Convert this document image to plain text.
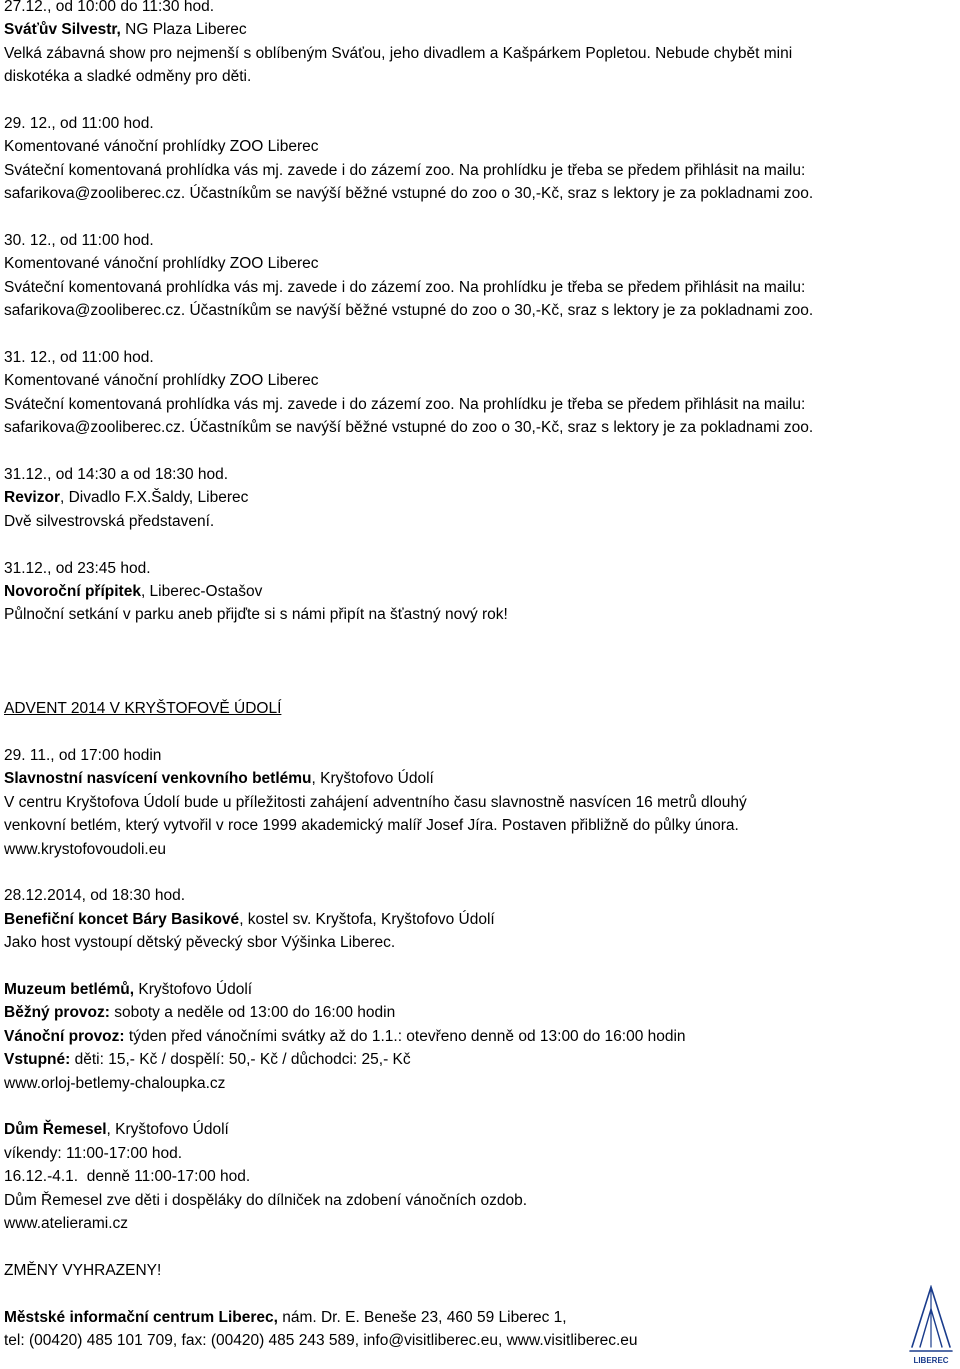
27.12., od 10:00 do 11:30 hod.
Sváťův Silvestr, NG Plaza Liberec
Velká zábavná show pro nejmenší s oblíbeným Sváťou, jeho divadlem a Kašpárkem Popletou. Nebude chybět mini
diskotéka a sladké odměny pro děti.
29. 12., od 11:00 hod.
Komentované vánoční prohlídky ZOO Liberec
Sváteční komentovaná prohlídka vás mj. zavede i do zázemí zoo. Na prohlídku je třeba se předem přihlásit na mailu:
safarikova@zooliberec.cz. Účastníkům se navýší běžné vstupné do zoo o 30,-Kč, sraz s lektory je za pokladnami zoo.
30. 12., od 11:00 hod.
Komentované vánoční prohlídky ZOO Liberec
Sváteční komentovaná prohlídka vás mj. zavede i do zázemí zoo. Na prohlídku je třeba se předem přihlásit na mailu:
safarikova@zooliberec.cz. Účastníkům se navýší běžné vstupné do zoo o 30,-Kč, sraz s lektory je za pokladnami zoo.
31. 12., od 11:00 hod.
Komentované vánoční prohlídky ZOO Liberec
Sváteční komentovaná prohlídka vás mj. zavede i do zázemí zoo. Na prohlídku je třeba se předem přihlásit na mailu:
safarikova@zooliberec.cz. Účastníkům se navýší běžné vstupné do zoo o 30,-Kč, sraz s lektory je za pokladnami zoo.
31.12., od 14:30 a od 18:30 hod.
Revizor, Divadlo F.X.Šaldy, Liberec
Dvě silvestrovská představení.
31.12., od 23:45 hod.
Novoroční přípitek, Liberec-Ostašov
Půlnoční setkání v parku aneb přijďte si s námi připít na šťastný nový rok!
ADVENT 2014 V KRYŠTOFOVĚ ÚDOLÍ
29. 11., od 17:00 hodin
Slavnostní nasvícení venkovního betlému, Kryštofovo Údolí
V centru Kryštofova Údolí bude u příležitosti zahájení adventního času slavnostně nasvícen 16 metrů dlouhý
venkovní betlém, který vytvořil v roce 1999 akademický malíř Josef Jíra. Postaven přibližně do půlky února.
www.krystofovoudoli.eu
28.12.2014, od 18:30 hod.
Benefiční koncet Báry Basikové, kostel sv. Kryštofa, Kryštofovo Údolí
Jako host vystoupí dětský pěvecký sbor Výšinka Liberec.
Muzeum betlémů, Kryštofovo Údolí
Běžný provoz: soboty a neděle od 13:00 do 16:00 hodin
Vánoční provoz: týden před vánočními svátky až do 1.1.: otevřeno denně od 13:00 do 16:00 hodin
Vstupné: děti: 15,- Kč / dospělí: 50,- Kč / důchodci: 25,- Kč
www.orloj-betlemy-chaloupka.cz
Dům Řemesel, Kryštofovo Údolí
víkendy: 11:00-17:00 hod.
16.12.-4.1.  denně 11:00-17:00 hod.
Dům Řemesel zve děti i dospěláky do dílniček na zdobení vánočních ozdob.
www.atelierami.cz
ZMĚNY VYHRAZENY!
Městské informační centrum Liberec, nám. Dr. E. Beneše 23, 460 59 Liberec 1,
tel: (00420) 485 101 709, fax: (00420) 485 243 589, info@visitliberec.eu, www.visitliberec.eu
LIBEREC
